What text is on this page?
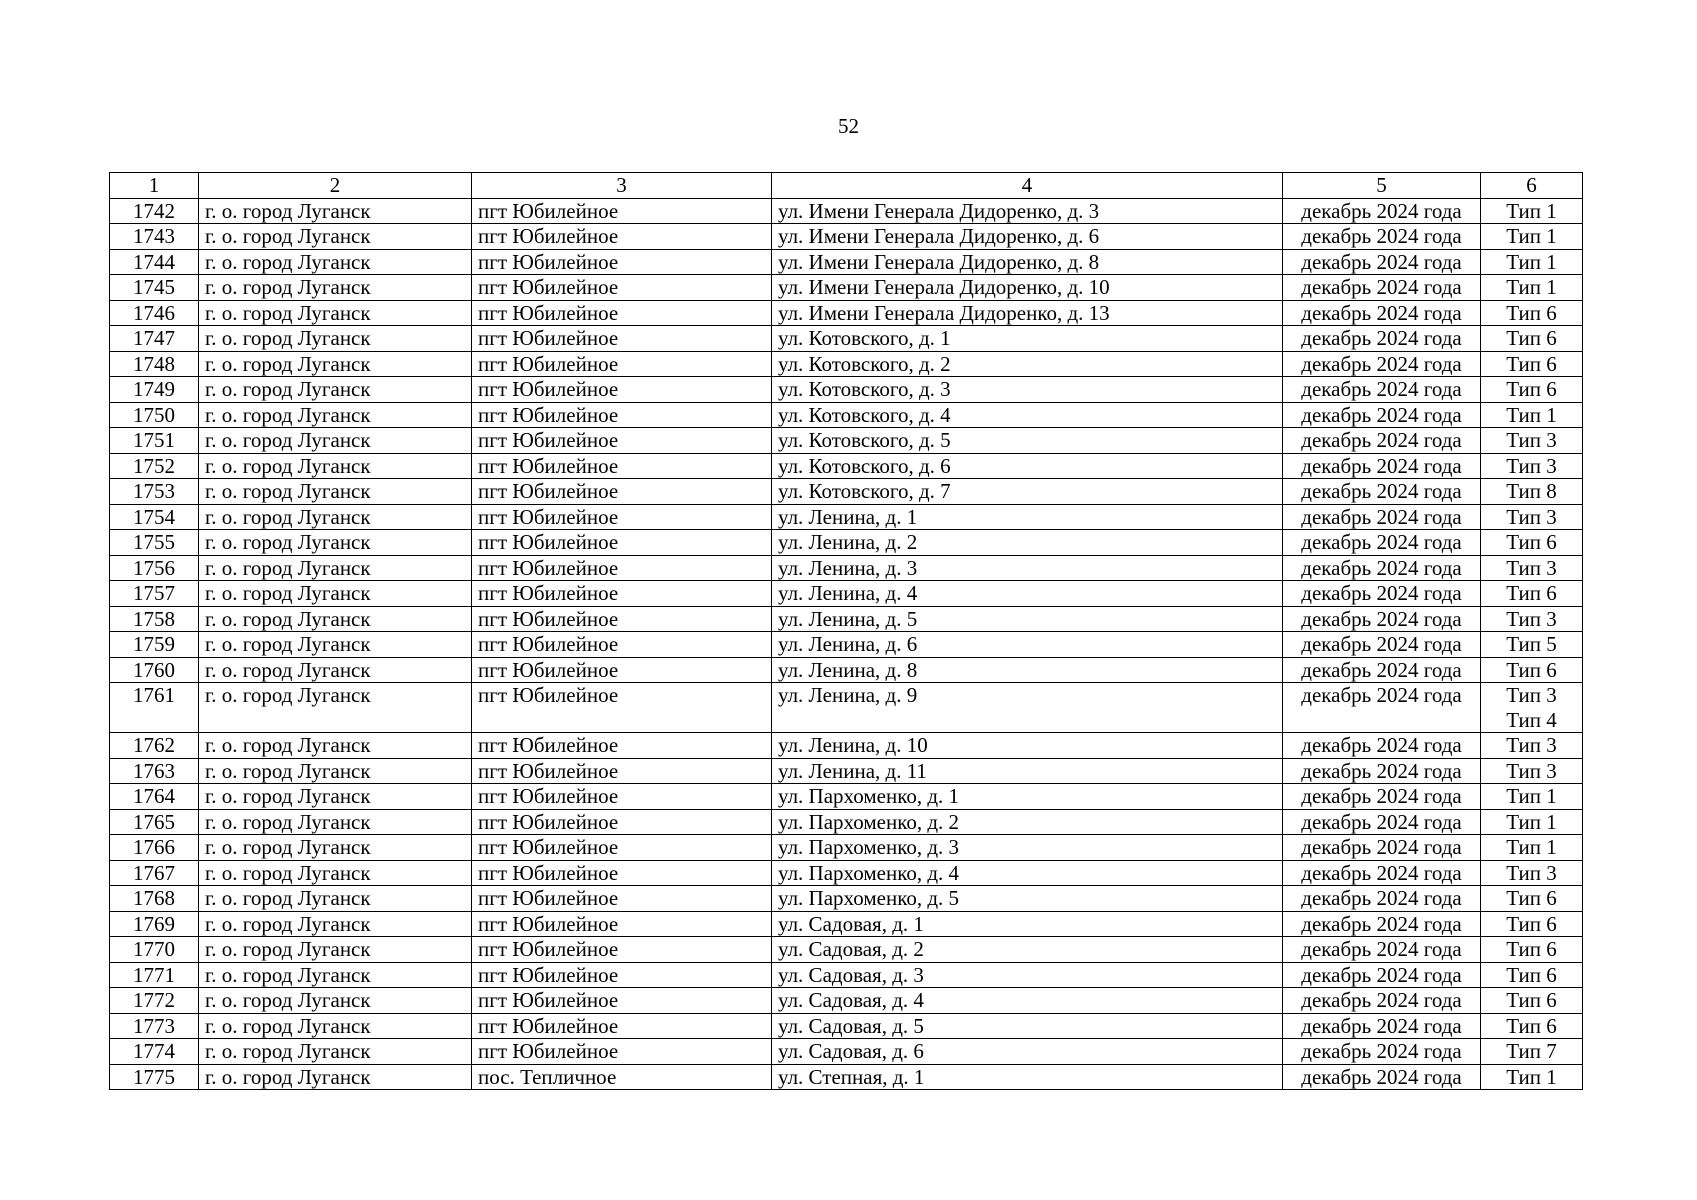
52
1	2	3	4	5	6
1742	г. о. город Луганск	пгт Юбилейное	ул. Имени Генерала Дидоренко, д. 3	декабрь 2024 года	Тип 1

1743	г. о. город Луганск	пгт Юбилейное	ул. Имени Генерала Дидоренко, д. 6	декабрь 2024 года	Тип 1

1744	г. о. город Луганск	пгт Юбилейное	ул. Имени Генерала Дидоренко, д. 8	декабрь 2024 года	Тип 1

1745	г. о. город Луганск	пгт Юбилейное	ул. Имени Генерала Дидоренко, д. 10	декабрь 2024 года	Тип 1

1746	г. о. город Луганск	пгт Юбилейное	ул. Имени Генерала Дидоренко, д. 13	декабрь 2024 года	Тип 6

1747	г. о. город Луганск	пгт Юбилейное	ул. Котовского, д. 1	декабрь 2024 года	Тип 6

1748	г. о. город Луганск	пгт Юбилейное	ул. Котовского, д. 2	декабрь 2024 года	Тип 6

1749	г. о. город Луганск	пгт Юбилейное	ул. Котовского, д. 3	декабрь 2024 года	Тип 6

1750	г. о. город Луганск	пгт Юбилейное	ул. Котовского, д. 4	декабрь 2024 года	Тип 1

1751	г. о. город Луганск	пгт Юбилейное	ул. Котовского, д. 5	декабрь 2024 года	Тип 3

1752	г. о. город Луганск	пгт Юбилейное	ул. Котовского, д. 6	декабрь 2024 года	Тип 3

1753	г. о. город Луганск	пгт Юбилейное	ул. Котовского, д. 7	декабрь 2024 года	Тип 8

1754	г. о. город Луганск	пгт Юбилейное	ул. Ленина, д. 1	декабрь 2024 года	Тип 3

1755	г. о. город Луганск	пгт Юбилейное	ул. Ленина, д. 2	декабрь 2024 года	Тип 6

1756	г. о. город Луганск	пгт Юбилейное	ул. Ленина, д. 3	декабрь 2024 года	Тип 3

1757	г. о. город Луганск	пгт Юбилейное	ул. Ленина, д. 4	декабрь 2024 года	Тип 6

1758	г. о. город Луганск	пгт Юбилейное	ул. Ленина, д. 5	декабрь 2024 года	Тип 3

1759	г. о. город Луганск	пгт Юбилейное	ул. Ленина, д. 6	декабрь 2024 года	Тип 5

1760	г. о. город Луганск	пгт Юбилейное	ул. Ленина, д. 8	декабрь 2024 года	Тип 6

1761	г. о. город Луганск	пгт Юбилейное	ул. Ленина, д. 9	декабрь 2024 года	Тип 3
Тип 4

1762	г. о. город Луганск	пгт Юбилейное	ул. Ленина, д. 10	декабрь 2024 года	Тип 3

1763	г. о. город Луганск	пгт Юбилейное	ул. Ленина, д. 11	декабрь 2024 года	Тип 3

1764	г. о. город Луганск	пгт Юбилейное	ул. Пархоменко, д. 1	декабрь 2024 года	Тип 1

1765	г. о. город Луганск	пгт Юбилейное	ул. Пархоменко, д. 2	декабрь 2024 года	Тип 1

1766	г. о. город Луганск	пгт Юбилейное	ул. Пархоменко, д. 3	декабрь 2024 года	Тип 1

1767	г. о. город Луганск	пгт Юбилейное	ул. Пархоменко, д. 4	декабрь 2024 года	Тип 3

1768	г. о. город Луганск	пгт Юбилейное	ул. Пархоменко, д. 5	декабрь 2024 года	Тип 6

1769	г. о. город Луганск	пгт Юбилейное	ул. Садовая, д. 1	декабрь 2024 года	Тип 6

1770	г. о. город Луганск	пгт Юбилейное	ул. Садовая, д. 2	декабрь 2024 года	Тип 6

1771	г. о. город Луганск	пгт Юбилейное	ул. Садовая, д. 3	декабрь 2024 года	Тип 6

1772	г. о. город Луганск	пгт Юбилейное	ул. Садовая, д. 4	декабрь 2024 года	Тип 6

1773	г. о. город Луганск	пгт Юбилейное	ул. Садовая, д. 5	декабрь 2024 года	Тип 6

1774	г. о. город Луганск	пгт Юбилейное	ул. Садовая, д. 6	декабрь 2024 года	Тип 7

1775	г. о. город Луганск	пос. Тепличное	ул. Степная, д. 1	декабрь 2024 года	Тип 1
